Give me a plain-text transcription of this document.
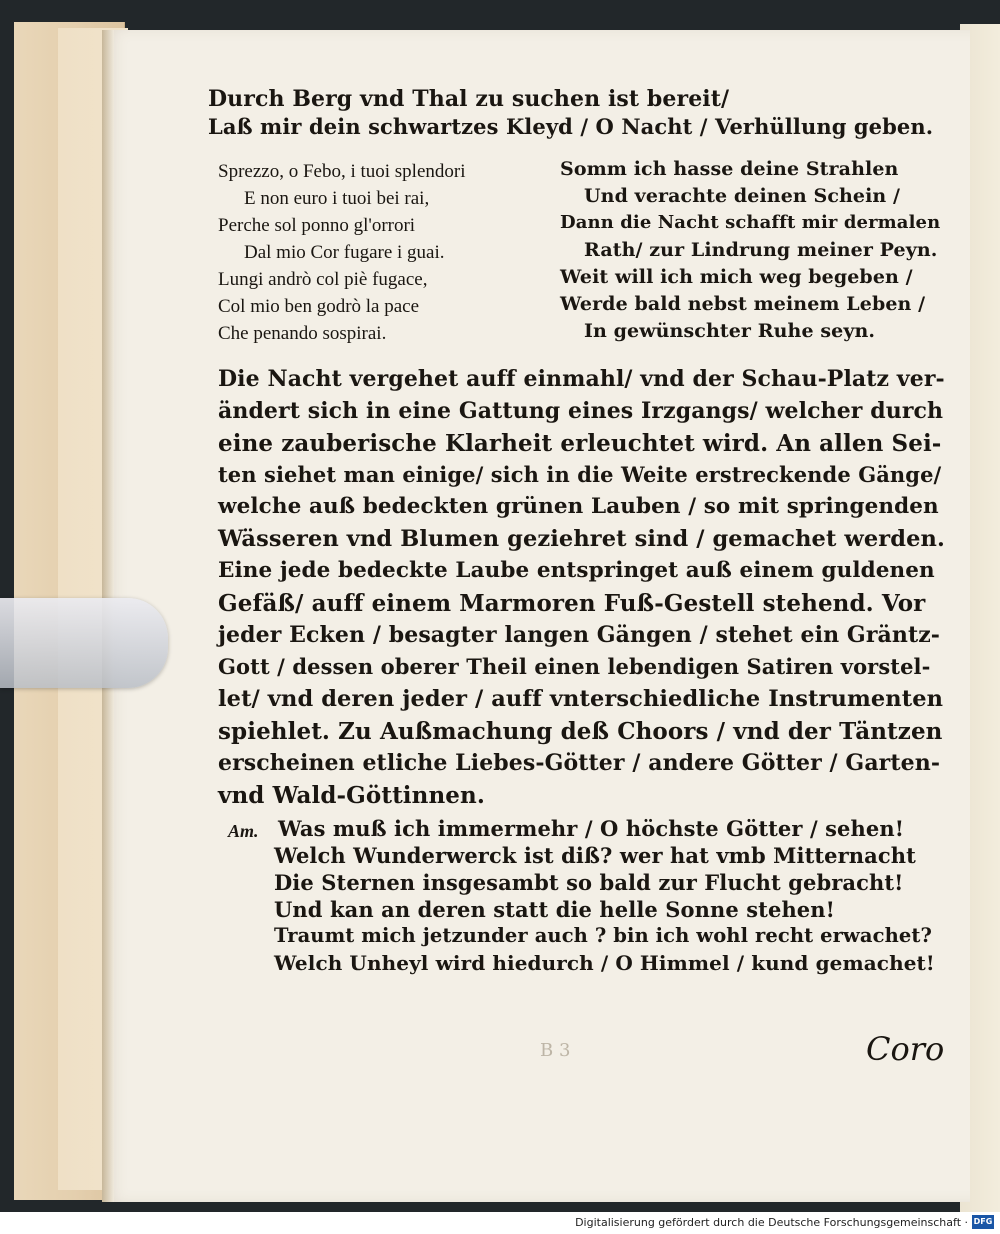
Durch Berg vnd Thal zu suchen ist bereit/
Laß mir dein schwartzes Kleyd / O Nacht / Verhüllung geben.
Sprezzo, o Febo, i tuoi splendori
E non euro i tuoi bei rai,
Perche sol ponno gl'orrori
Dal mio Cor fugare i guai.
Lungi andrò col piè fugace,
Col mio ben godrò la pace
Che penando sospirai.
Somm ich hasse deine Strahlen
Und verachte deinen Schein /
Dann die Nacht schafft mir dermalen
Rath/ zur Lindrung meiner Peyn.
Weit will ich mich weg begeben /
Werde bald nebst meinem Leben /
In gewünschter Ruhe seyn.
Die Nacht vergehet auff einmahl/ vnd der Schau-Platz ver-
ändert sich in eine Gattung eines Irzgangs/ welcher durch
eine zauberische Klarheit erleuchtet wird. An allen Sei-
ten siehet man einige/ sich in die Weite erstreckende Gänge/
welche auß bedeckten grünen Lauben / so mit springenden
Wässeren vnd Blumen geziehret sind / gemachet werden.
Eine jede bedeckte Laube entspringet auß einem guldenen
Gefäß/ auff einem Marmoren Fuß-Gestell stehend. Vor
jeder Ecken / besagter langen Gängen / stehet ein Gräntz-
Gott / dessen oberer Theil einen lebendigen Satiren vorstel-
let/ vnd deren jeder / auff vnterschiedliche Instrumenten
spiehlet. Zu Außmachung deß Choors / vnd der Täntzen
erscheinen etliche Liebes-Götter / andere Götter / Garten-
vnd Wald-Göttinnen.
Am. Was muß ich immermehr / O höchste Götter / sehen!
Welch Wunderwerck ist diß? wer hat vmb Mitternacht
Die Sternen insgesambt so bald zur Flucht gebracht!
Und kan an deren statt die helle Sonne stehen!
Traumt mich jetzunder auch ? bin ich wohl recht erwachet?
Welch Unheyl wird hiedurch / O Himmel / kund gemachet!
B 3	Coro
Digitalisierung gefördert durch die Deutsche Forschungsgemeinschaft · DFG
